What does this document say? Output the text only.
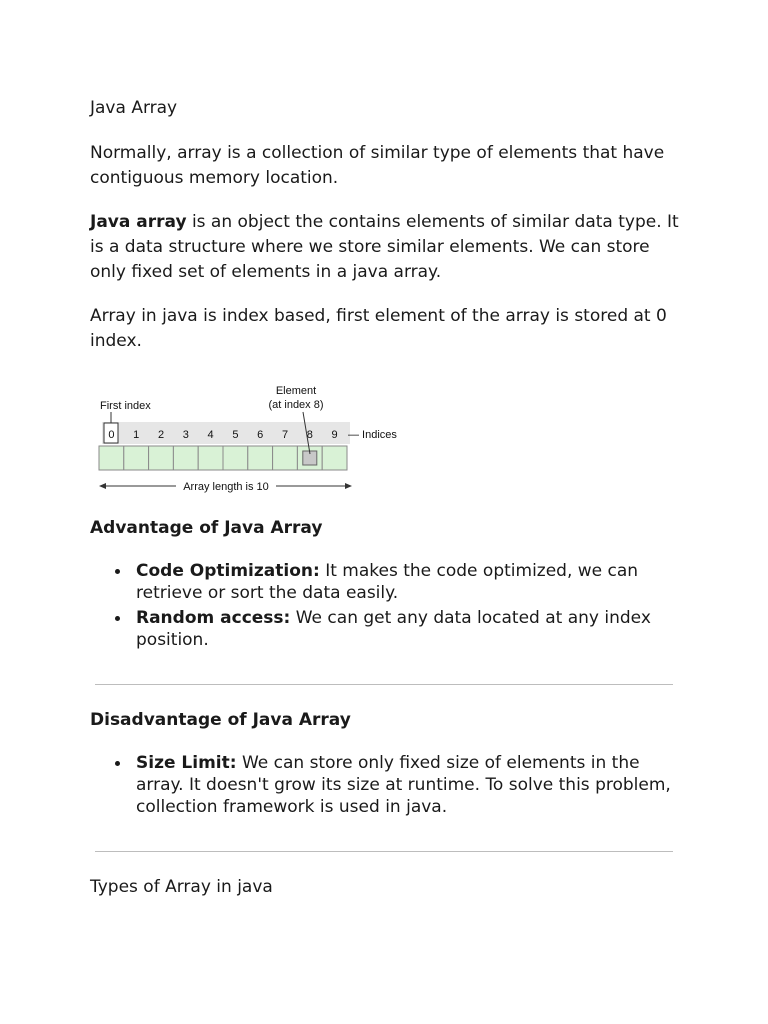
Java Array

Normally, array is a collection of similar type of elements that have contiguous memory location.

Java array is an object the contains elements of similar data type. It is a data structure where we store similar elements. We can store only fixed set of elements in a java array.

Array in java is index based, first element of the array is stored at 0 index.

First index
Element
(at index 8)
— Indices
0 1 2 3 4 5 6 7 8 9
Array length is 10
Advantage of Java Array
Code Optimization: It makes the code optimized, we can retrieve or sort the data easily.
Random access: We can get any data located at any index position.
Disadvantage of Java Array
Size Limit: We can store only fixed size of elements in the array. It doesn't grow its size at runtime. To solve this problem, collection framework is used in java.

Types of Array in java
